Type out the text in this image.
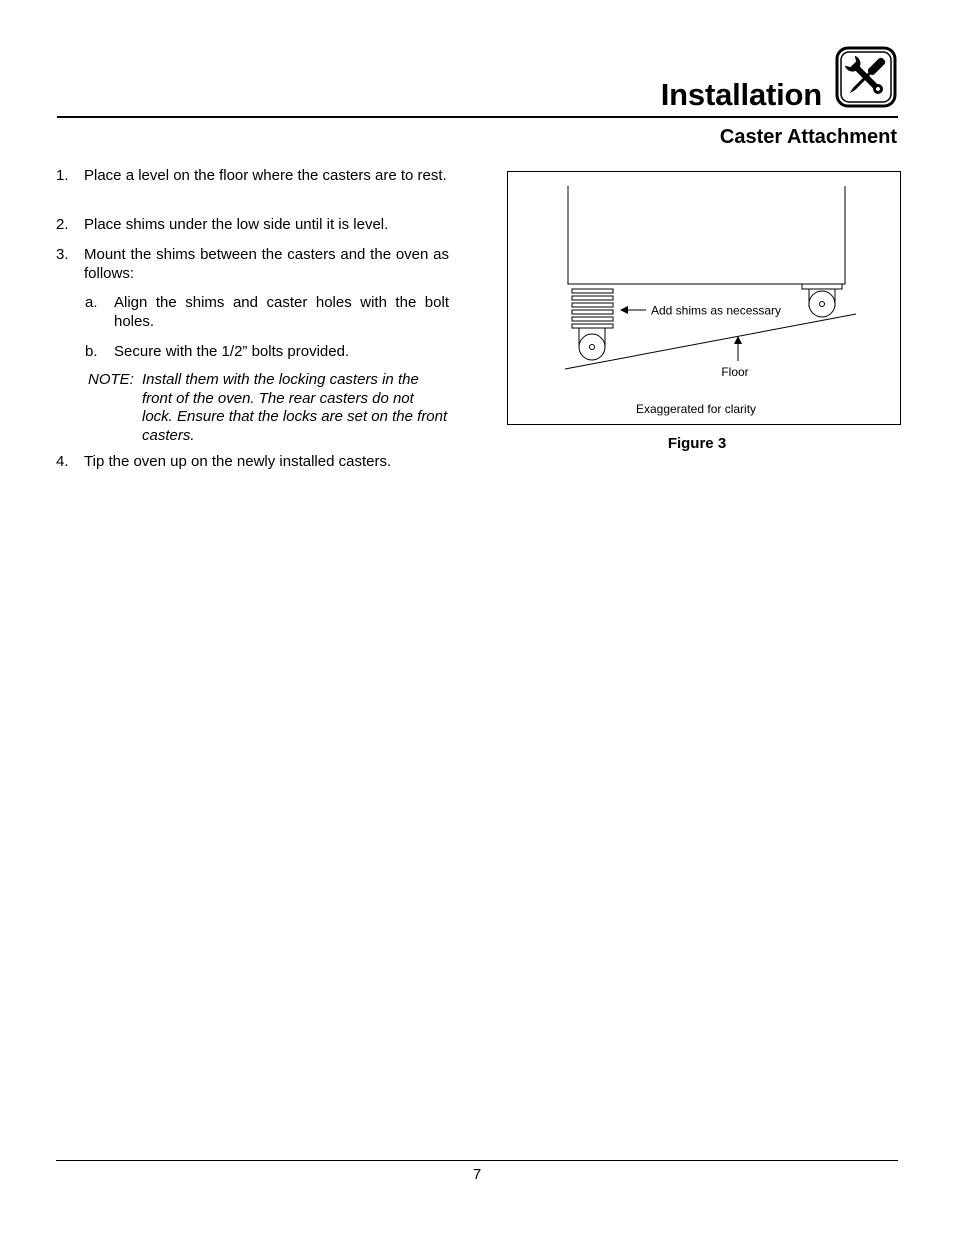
Installation
Caster Attachment
1. Place a level on the floor where the casters are to rest.
2. Place shims under the low side until it is level.
3. Mount the shims between the casters and the oven as follows:
a. Align the shims and caster holes with the bolt holes.
b. Secure with the 1/2” bolts provided.
NOTE: Install them with the locking casters in the front of the oven. The rear casters do not lock. Ensure that the locks are set on the front casters.
4. Tip the oven up on the newly installed casters.
Add shims as necessary
Floor
Exaggerated for clarity
Figure 3
7
